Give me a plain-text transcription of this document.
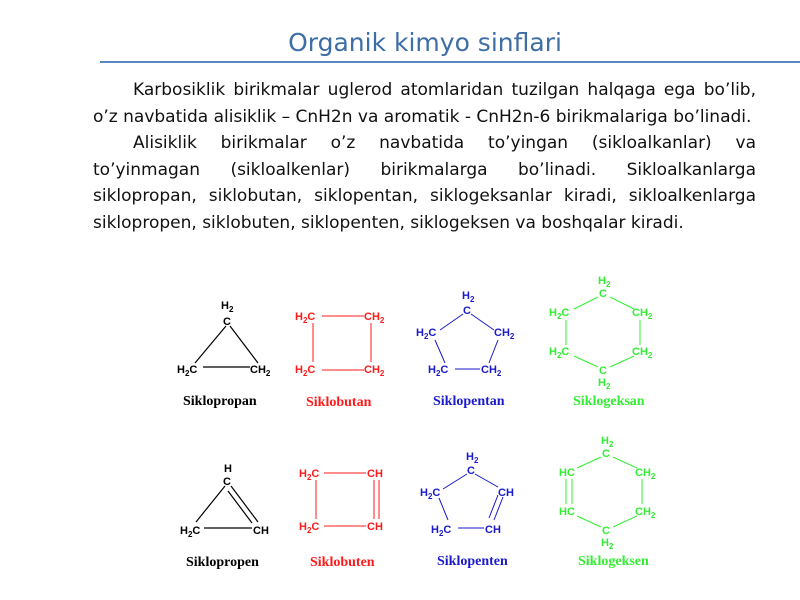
Organik kimyo sinflari

Karbosiklik birikmalar uglerod atomlaridan tuzilgan halqaga ega bo’lib, o’z navbatida alisiklik – CnH2n va aromatik - CnH2n-6 birikmalariga bo’linadi.

Alisiklik birikmalar o’z navbatida to’yingan (sikloalkanlar) va to’yinmagan (sikloalkenlar) birikmalarga bo’linadi. Sikloalkanlarga siklopropan, siklobutan, siklopentan, siklogeksanlar kiradi, sikloalkenlarga siklopropen, siklobuten, siklopenten, siklogeksen va boshqalar kiradi.

$H_2$
C
$H_2C$	$CH_2$
Siklopropan
$H_2C$	$CH_2$
$H_2C$	$CH_2$
Siklobutan
$H_2$
C
$H_2C$	$CH_2$
$H_2C$	$CH_2$
Siklopentan
$H_2$
C
$H_2C$	$CH_2$
$H_2C$	$CH_2$
C
$H_2$
Siklogeksan
H
C
$H_2C$	CH
Siklopropen
$H_2C$	CH
$H_2C$	CH
Siklobuten
$H_2$
C
$H_2C$	CH
$H_2C$	CH
Siklopenten
$H_2$
C
HC	$CH_2$
HC	$CH_2$
C
$H_2$
Siklogeksen
